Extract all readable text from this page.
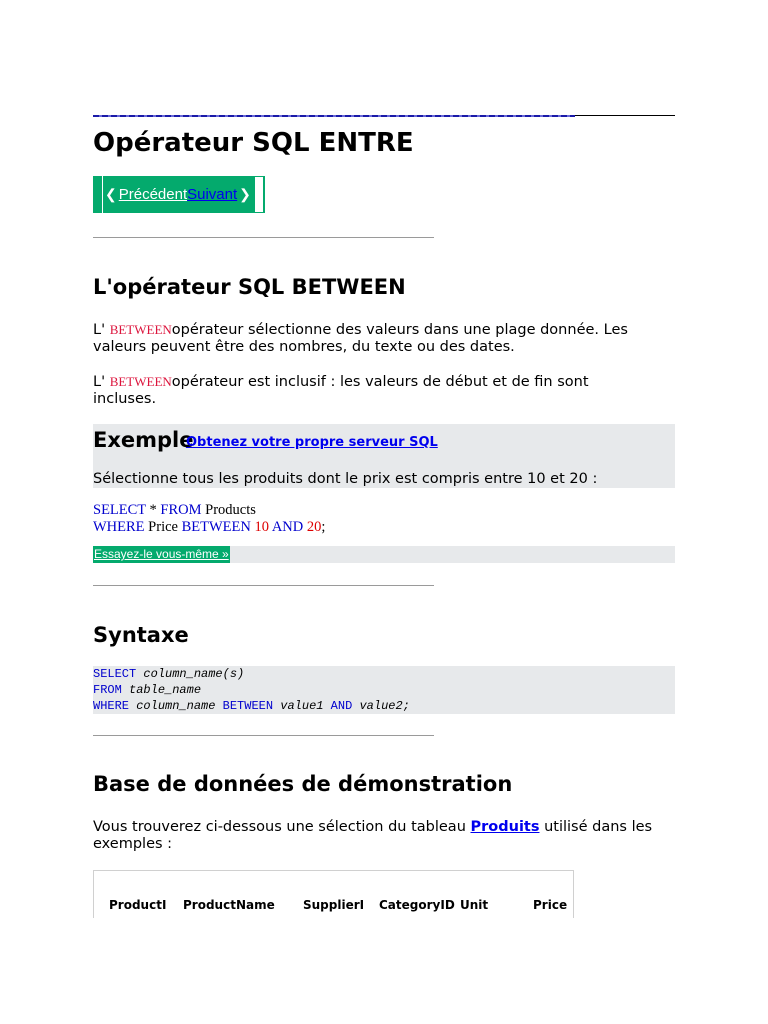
Opérateur SQL ENTRE
❮ Précédent Suivant ❯
L'opérateur SQL BETWEEN
L' BETWEENopérateur sélectionne des valeurs dans une plage donnée. Les
valeurs peuvent être des nombres, du texte ou des dates.
L' BETWEENopérateur est inclusif : les valeurs de début et de fin sont
incluses.
Exemple
Obtenez votre propre serveur SQL
Sélectionne tous les produits dont le prix est compris entre 10 et 20 :
SELECT * FROM Products
WHERE Price BETWEEN 10 AND 20;
Essayez-le vous-même »
Syntaxe
SELECT column_name(s)
FROM table_name
WHERE column_name BETWEEN value1 AND value2;
Base de données de démonstration
Vous trouverez ci-dessous une sélection du tableau Produits utilisé dans les
exemples :
ProductI ProductName SupplierI CategoryID Unit	Price
